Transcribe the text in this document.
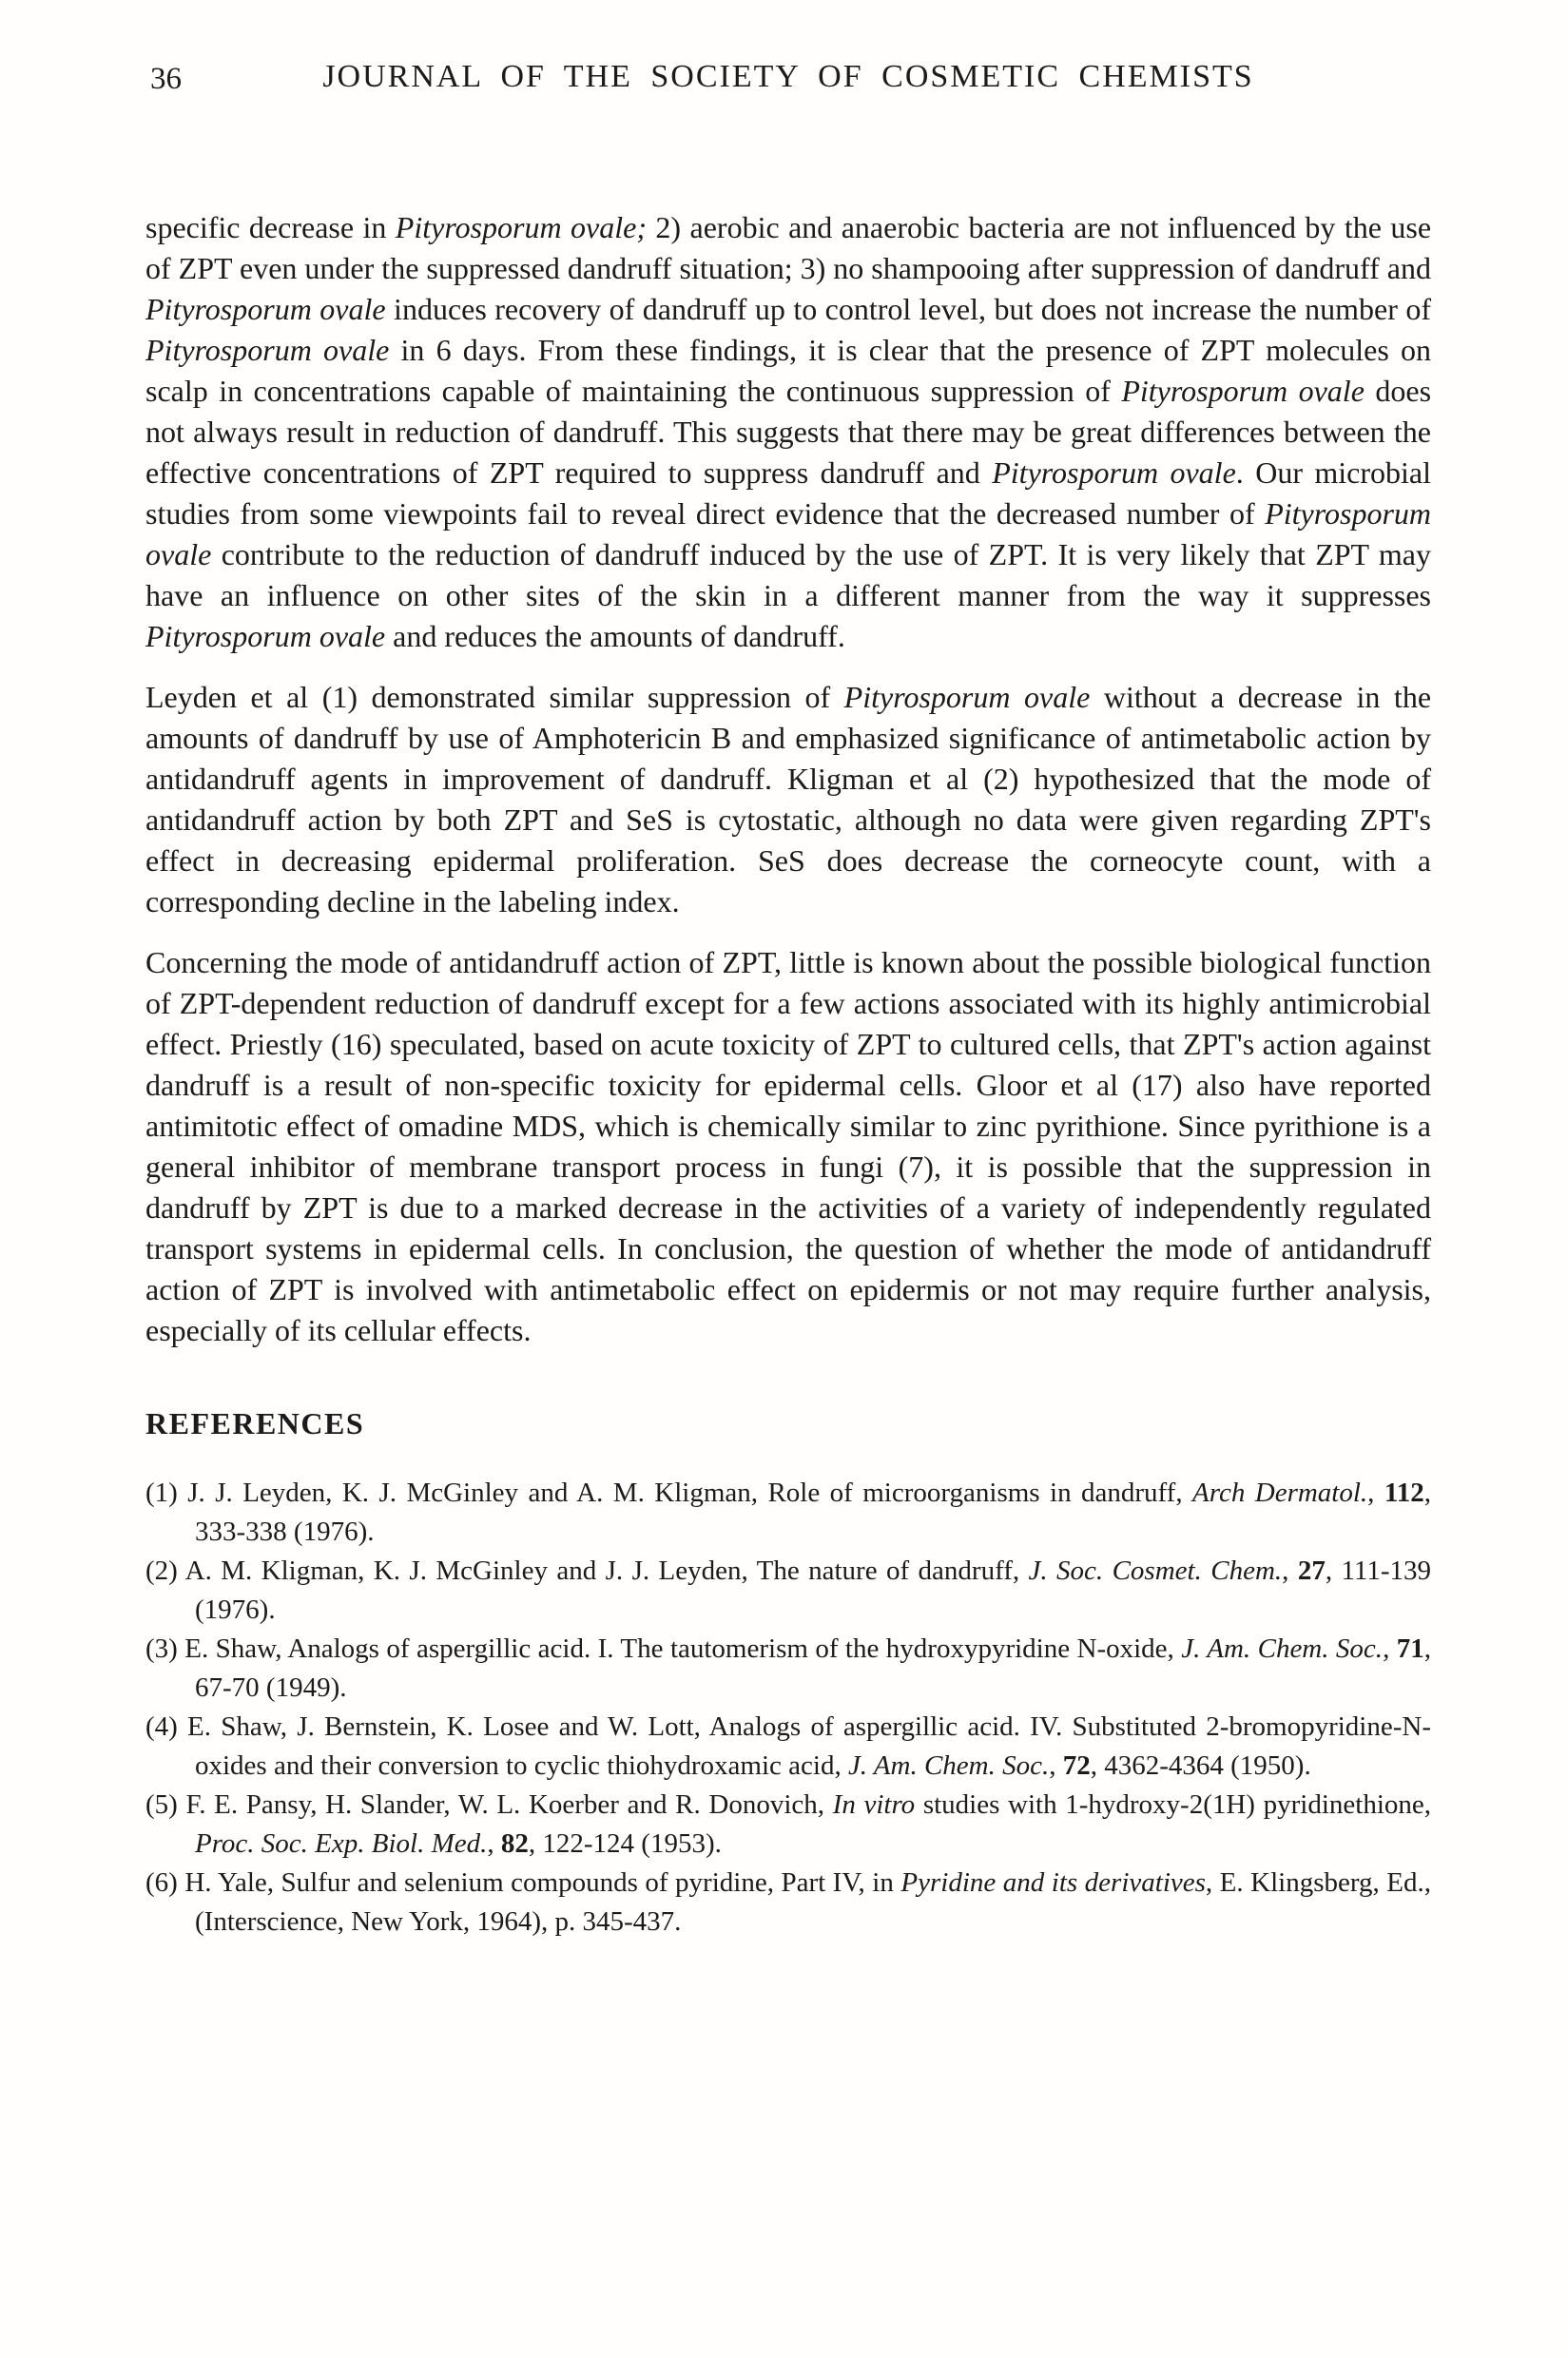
36	JOURNAL OF THE SOCIETY OF COSMETIC CHEMISTS

specific decrease in Pityrosporum ovale; 2) aerobic and anaerobic bacteria are not influenced by the use of ZPT even under the suppressed dandruff situation; 3) no shampooing after suppression of dandruff and Pityrosporum ovale induces recovery of dandruff up to control level, but does not increase the number of Pityrosporum ovale in 6 days. From these findings, it is clear that the presence of ZPT molecules on scalp in concentrations capable of maintaining the continuous suppression of Pityrosporum ovale does not always result in reduction of dandruff. This suggests that there may be great differences between the effective concentrations of ZPT required to suppress dandruff and Pityrosporum ovale. Our microbial studies from some viewpoints fail to reveal direct evidence that the decreased number of Pityrosporum ovale contribute to the reduction of dandruff induced by the use of ZPT. It is very likely that ZPT may have an influence on other sites of the skin in a different manner from the way it suppresses Pityrosporum ovale and reduces the amounts of dandruff.

Leyden et al (1) demonstrated similar suppression of Pityrosporum ovale without a decrease in the amounts of dandruff by use of Amphotericin B and emphasized significance of antimetabolic action by antidandruff agents in improvement of dandruff. Kligman et al (2) hypothesized that the mode of antidandruff action by both ZPT and SeS is cytostatic, although no data were given regarding ZPT's effect in decreasing epidermal proliferation. SeS does decrease the corneocyte count, with a corresponding decline in the labeling index.

Concerning the mode of antidandruff action of ZPT, little is known about the possible biological function of ZPT-dependent reduction of dandruff except for a few actions associated with its highly antimicrobial effect. Priestly (16) speculated, based on acute toxicity of ZPT to cultured cells, that ZPT's action against dandruff is a result of non-specific toxicity for epidermal cells. Gloor et al (17) also have reported antimitotic effect of omadine MDS, which is chemically similar to zinc pyrithione. Since pyrithione is a general inhibitor of membrane transport process in fungi (7), it is possible that the suppression in dandruff by ZPT is due to a marked decrease in the activities of a variety of independently regulated transport systems in epidermal cells. In conclusion, the question of whether the mode of antidandruff action of ZPT is involved with antimetabolic effect on epidermis or not may require further analysis, especially of its cellular effects.

REFERENCES
(1) J. J. Leyden, K. J. McGinley and A. M. Kligman, Role of microorganisms in dandruff, Arch Dermatol., 112, 333-338 (1976).
(2) A. M. Kligman, K. J. McGinley and J. J. Leyden, The nature of dandruff, J. Soc. Cosmet. Chem., 27, 111-139 (1976).
(3) E. Shaw, Analogs of aspergillic acid. I. The tautomerism of the hydroxypyridine N-oxide, J. Am. Chem. Soc., 71, 67-70 (1949).
(4) E. Shaw, J. Bernstein, K. Losee and W. Lott, Analogs of aspergillic acid. IV. Substituted 2-bromopyridine-N-oxides and their conversion to cyclic thiohydroxamic acid, J. Am. Chem. Soc., 72, 4362-4364 (1950).
(5) F. E. Pansy, H. Slander, W. L. Koerber and R. Donovich, In vitro studies with 1-hydroxy-2(1H) pyridinethione, Proc. Soc. Exp. Biol. Med., 82, 122-124 (1953).
(6) H. Yale, Sulfur and selenium compounds of pyridine, Part IV, in Pyridine and its derivatives, E. Klingsberg, Ed., (Interscience, New York, 1964), p. 345-437.
